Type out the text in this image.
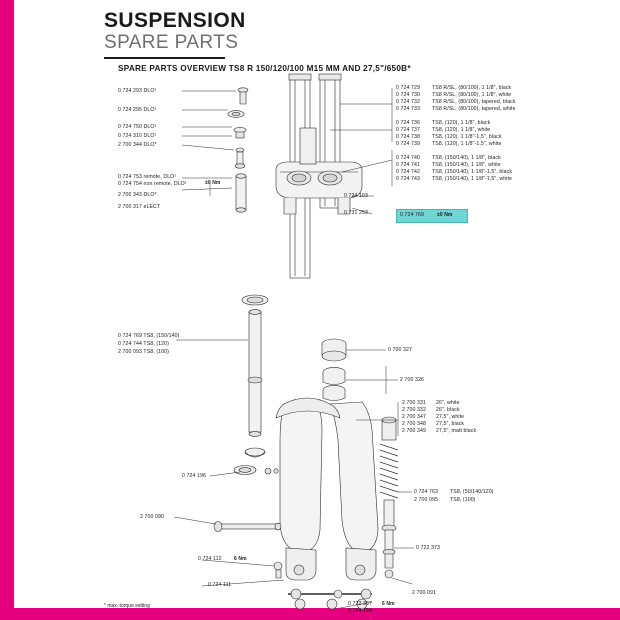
SUSPENSION
SPARE PARTS
SPARE PARTS OVERVIEW TS8 R 150/120/100 M15 MM AND 27,5"/650B*
0 724 293 DLO¹
0 724 295 DLO¹
0 724 750 DLO¹
0 724 310 DLO¹
2 700 344 DLO*
0 724 753 remote, DLO¹
0 724 754 non remote, DLO¹
2 700 343 DLO*
2 700 317 eLECT
±0 Nm
0 724 769 TS8, (150/140)
0 724 744 TS8, (120)
2 700 093 TS8, (100)
0 724 196
2 700 090
0 724 112 6 Nm
0 724 111
0 724 729 TS8 R/SL, (80/100), 1 1/8", black
0 724 730 TS8 R/SL, (80/100), 1 1/8", white
0 724 732 TS8 R/SL, (80/100), tapered, black
0 724 733 TS8 R/SL, (80/100), tapered, white
0 724 736 TS8, (120), 1 1/8", black
0 724 737 TS8, (120), 1 1/8", white
0 724 738 TS8, (120), 1 1/8"-1,5", black
0 724 739 TS8, (120), 1 1/8"-1,5", white
0 724 740 TS8, (150/140), 1 1/8", black
0 724 741 TS8, (150/140), 1 1/8", white
0 724 742 TS8, (150/140), 1 1/8"-1,5", black
0 724 743 TS8, (150/140), 1 1/8"-1,5", white
0 724 103
0 731 253	0 724 769	±0 Nm
0 700 327
2 700 326
2 700 331 26", white
2 700 332 26", black
2 700 347 27,5", white
2 700 348 27,5", black
2 700 349 27,5", matt black
0 724 763 TS8, (50/140/120)
2 700 095 TS8, (100)
0 722 373
2 700 091
0 722 367 6 Nm
0 724 154
* max. torque setting
